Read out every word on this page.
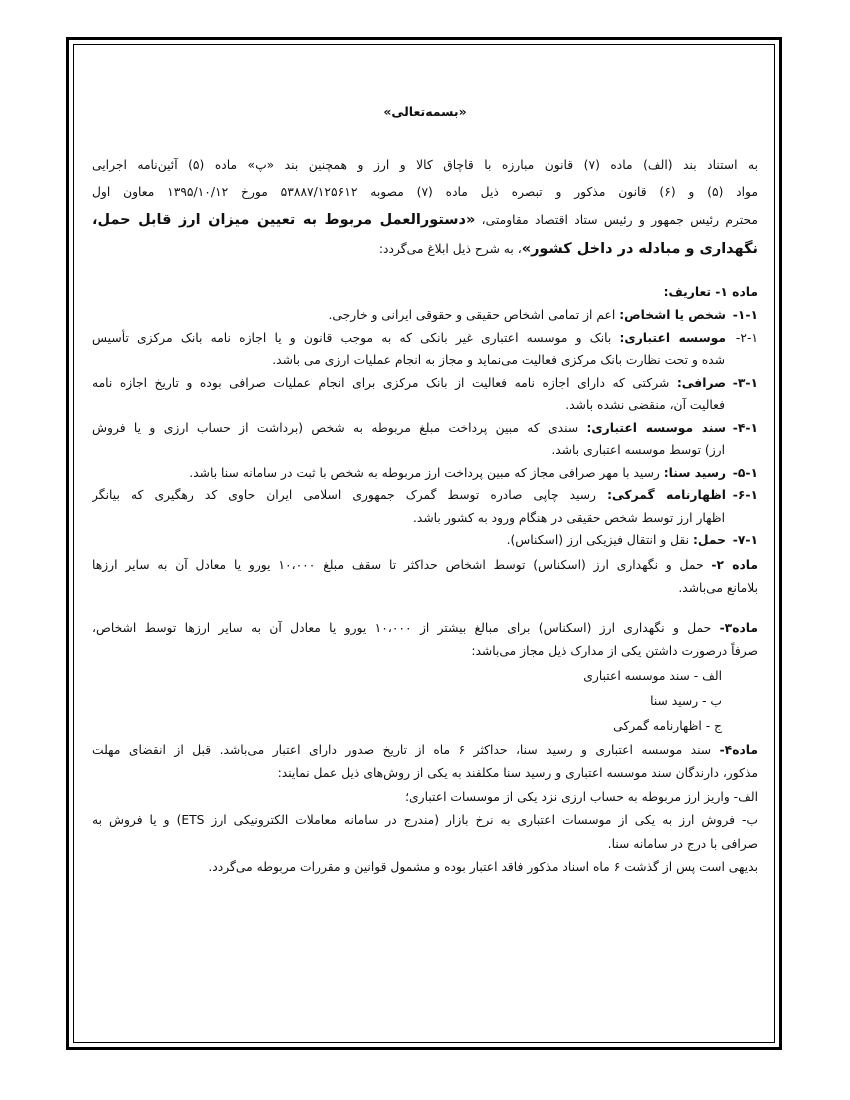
«بسمه‌تعالی»
به استناد بند (الف) ماده (۷) قانون مبارزه با قاچاق کالا و ارز و همچنین بند «پ» ماده (۵) آئین‌نامه اجرایی
مواد (۵) و (۶) قانون مذکور و تبصره ذیل ماده (۷) مصوبه ۵۳۸۸۷/۱۲۵۶۱۲ مورخ ۱۳۹۵/۱۰/۱۲ معاون اول
محترم رئیس جمهور و رئیس ستاد اقتصاد مقاومتی، «دستورالعمل مربوط به تعیین میزان ارز قابل حمل،
نگهداری و مبادله در داخل کشور»، به شرح ذیل ابلاغ می‌گردد:
ماده ۱- تعاریف:
۱-۱-شخص یا اشخاص: اعم از تمامی اشخاص حقیقی و حقوقی ایرانی و خارجی.
۲-۱-موسسه اعتباری: بانک و موسسه اعتباری غیر بانکی که به موجب قانون و یا اجازه نامه بانک مرکزی تأسیس
شده و تحت نظارت بانک مرکزی فعالیت می‌نماید و مجاز به انجام عملیات ارزی می باشد.
۳-۱-صرافی: شرکتی که دارای اجازه نامه فعالیت از بانک مرکزی برای انجام عملیات صرافی بوده و تاریخ اجازه نامه
فعالیت آن، منقضی نشده باشد.
۴-۱-سند موسسه اعتباری: سندی که مبین پرداخت مبلغ مربوطه به شخص (برداشت از حساب ارزی و یا فروش
ارز) توسط موسسه اعتباری باشد.
۵-۱-رسید سنا: رسید با مهر صرافی مجاز که مبین پرداخت ارز مربوطه به شخص با ثبت در سامانه سنا باشد.
۶-۱-اظهارنامه گمرکی: رسید چاپی صادره توسط گمرک جمهوری اسلامی ایران حاوی کد رهگیری که بیانگر
اظهار ارز توسط شخص حقیقی در هنگام ورود به کشور باشد.
۷-۱-حمل: نقل و انتقال فیزیکی ارز (اسکناس).
ماده ۲- حمل و نگهداری ارز (اسکناس) توسط اشخاص حداکثر تا سقف مبلغ ۱۰،۰۰۰ یورو یا معادل آن به سایر ارزها
بلامانع می‌باشد.
ماده۳- حمل و نگهداری ارز (اسکناس) برای مبالغ بیشتر از ۱۰،۰۰۰ یورو یا معادل آن به سایر ارزها توسط اشخاص،
صرفاً درصورت داشتن یکی از مدارک ذیل مجاز می‌باشد:
الف - سند موسسه اعتباری
ب - رسید سنا
ج - اظهارنامه گمرکی
ماده۴- سند موسسه اعتباری و رسید سنا، حداکثر ۶ ماه از تاریخ صدور دارای اعتبار می‌باشد. قبل از انقضای مهلت
مذکور، دارندگان سند موسسه اعتباری و رسید سنا مکلفند به یکی از روش‌های ذیل عمل نمایند:
الف- واریز ارز مربوطه به حساب ارزی نزد یکی از موسسات اعتباری؛
ب- فروش ارز به یکی از موسسات اعتباری به نرخ بازار (مندرج در سامانه معاملات الکترونیکی ارز ETS) و یا فروش به
صرافی با درج در سامانه سنا.
بدیهی است پس از گذشت ۶ ماه اسناد مذکور فاقد اعتبار بوده و مشمول قوانین و مقررات مربوطه می‌گردد.
